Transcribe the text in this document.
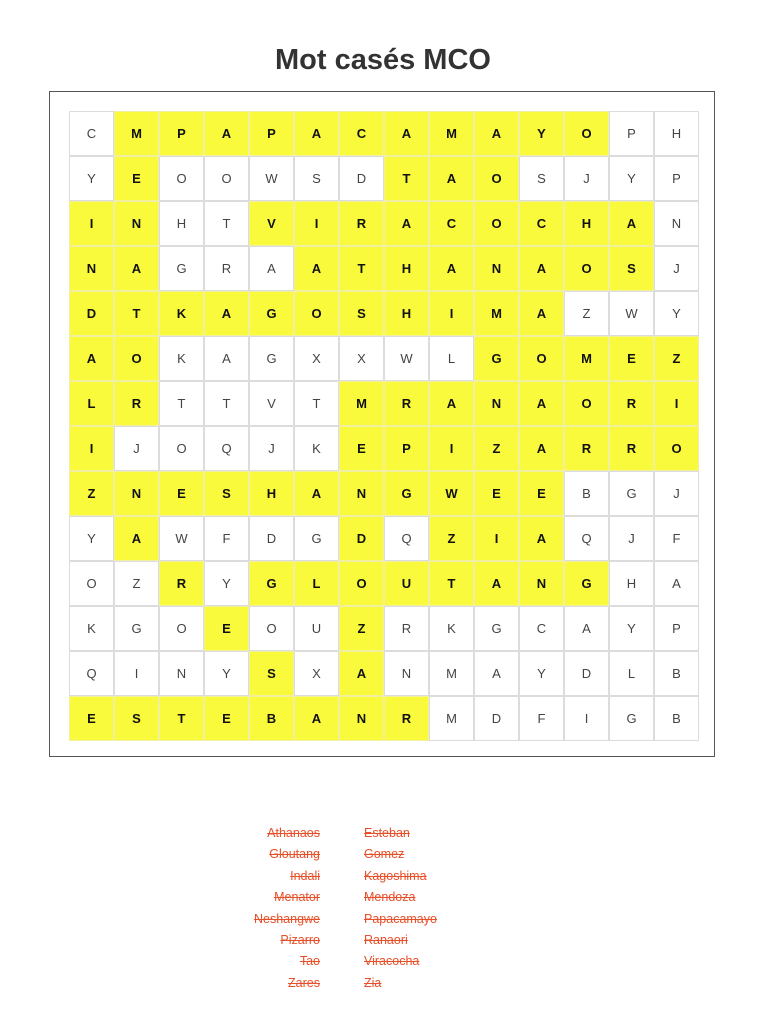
Mot casés MCO
C	M	P	A	P	A	C	A	M	A	Y	O	P	H
Y	E	O	O	W	S	D	T	A	O	S	J	Y	P
I	N	H	T	V	I	R	A	C	O	C	H	A	N
N	A	G	R	A	A	T	H	A	N	A	O	S	J
D	T	K	A	G	O	S	H	I	M	A	Z	W	Y
A	O	K	A	G	X	X	W	L	G	O	M	E	Z
L	R	T	T	V	T	M	R	A	N	A	O	R	I
I	J	O	Q	J	K	E	P	I	Z	A	R	R	O
Z	N	E	S	H	A	N	G	W	E	E	B	G	J
Y	A	W	F	D	G	D	Q	Z	I	A	Q	J	F
O	Z	R	Y	G	L	O	U	T	A	N	G	H	A
K	G	O	E	O	U	Z	R	K	G	C	A	Y	P
Q	I	N	Y	S	X	A	N	M	A	Y	D	L	B
E	S	T	E	B	A	N	R	M	D	F	I	G	B
Athanaos
Gloutang
Indali
Menator
Neshangwe
Pizarro
Tao
Zares
Esteban
Gomez
Kagoshima
Mendoza
Papacamayo
Ranaori
Viracocha
Zia
